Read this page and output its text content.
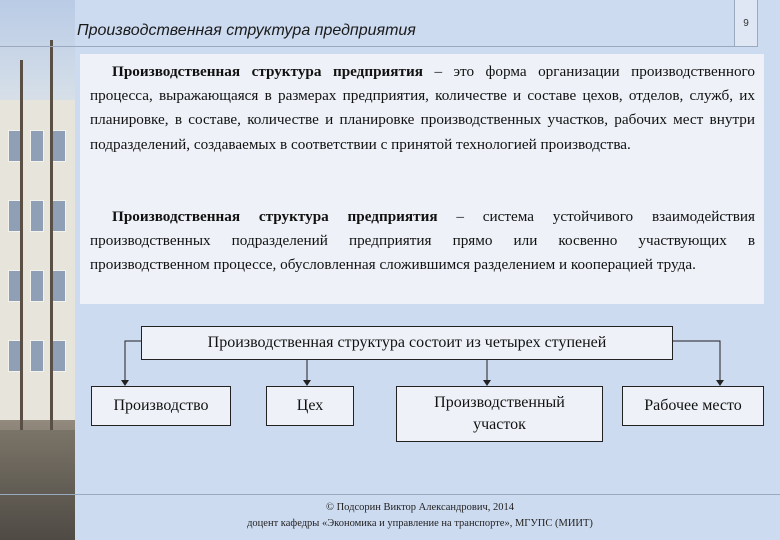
Производственная структура предприятия	9
Производственная структура предприятия – это форма организации производственного процесса, выражающаяся в размерах предприятия, количестве и составе цехов, отделов, служб, их планировке, в составе, количестве и планировке производственных участков, рабочих мест внутри подразделений, создаваемых в соответствии с принятой технологией производства.
Производственная структура предприятия – система устойчивого взаимодействия производственных подразделений предприятия прямо или косвенно участвующих в производственном процессе, обусловленная сложившимся разделением и кооперацией труда.
Производственная структура состоит из четырех ступеней
Производство	Цех	Производственный участок
Рабочее место
© Подсорин Виктор Александрович, 2014
доцент кафедры «Экономика и управление на транспорте», МГУПС (МИИТ)
